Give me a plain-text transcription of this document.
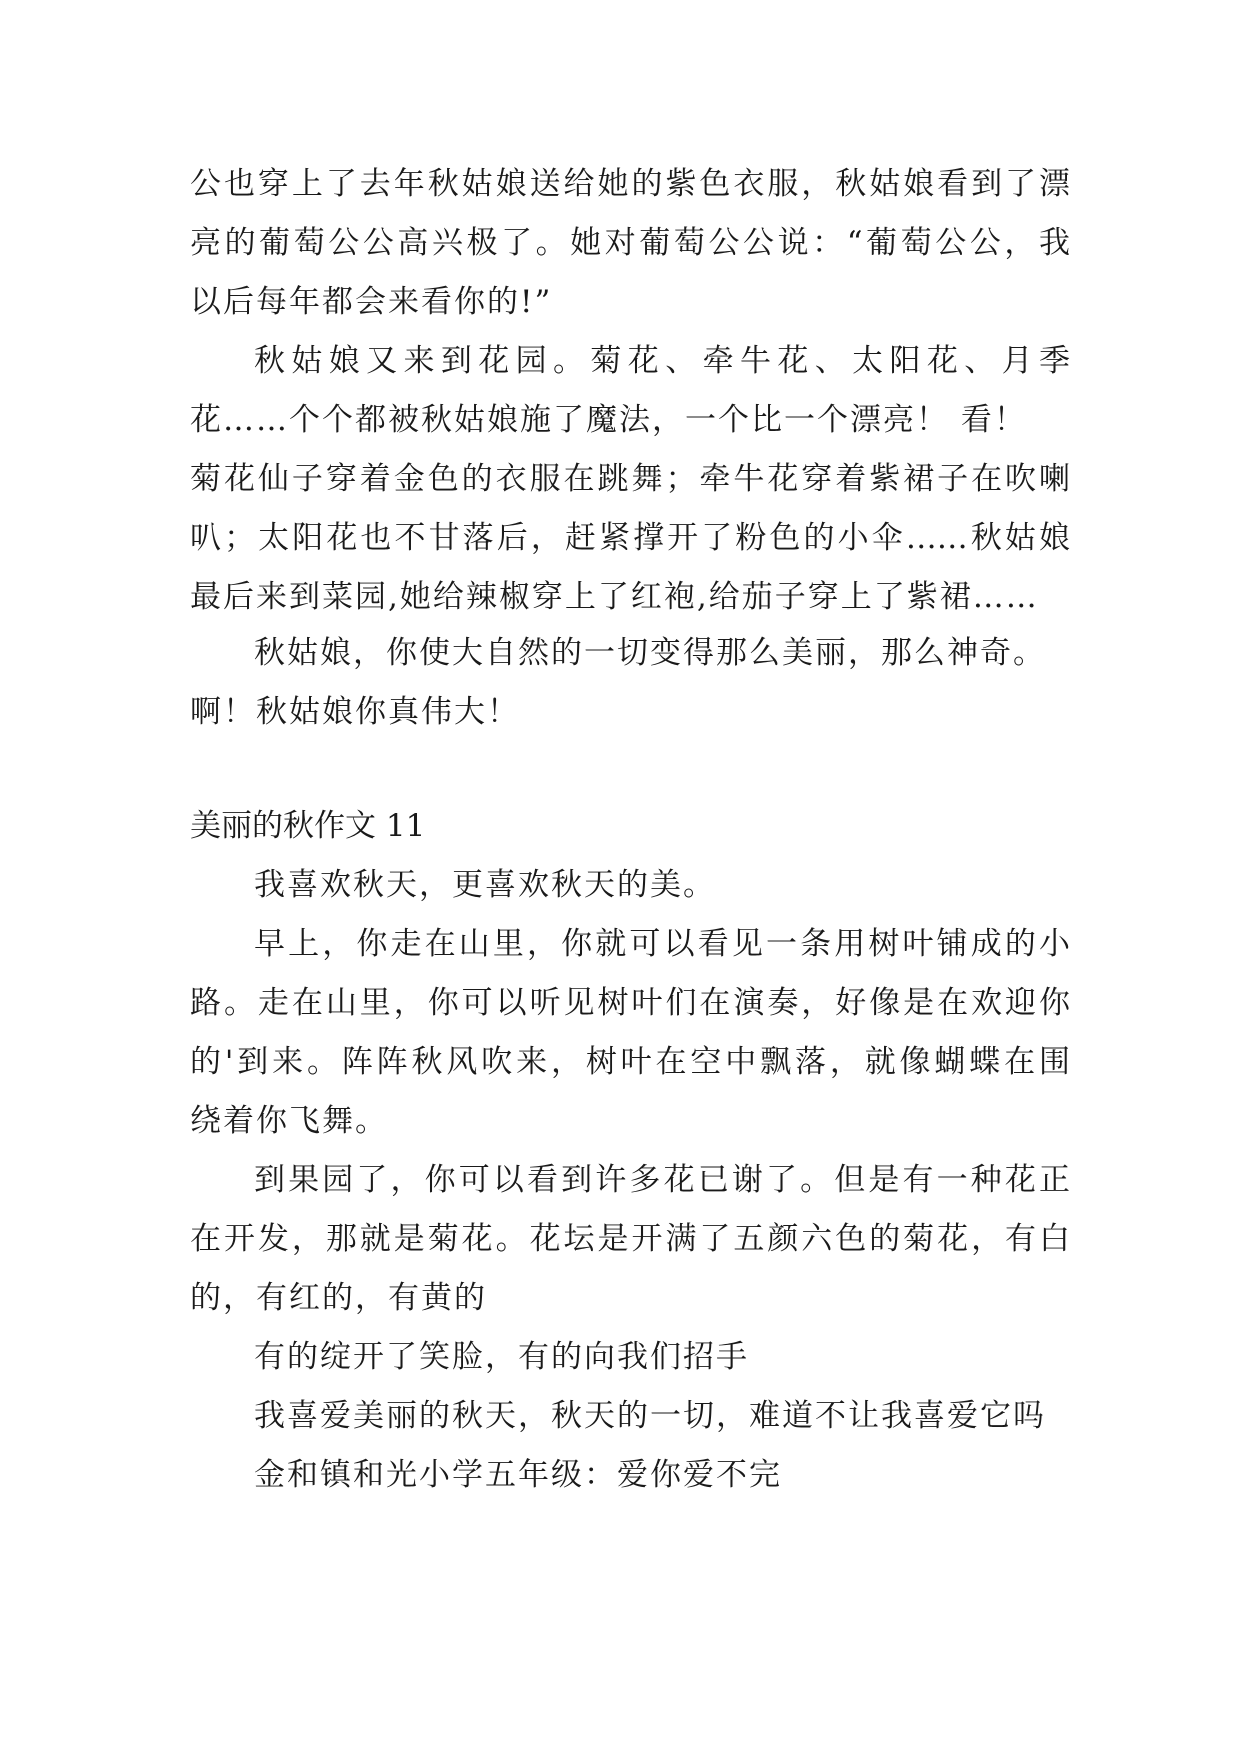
公也穿上了去年秋姑娘送给她的紫色衣服，秋姑娘看到了漂

亮的葡萄公公高兴极了。她对葡萄公公说：“葡萄公公，我

以后每年都会来看你的!”

秋姑娘又来到花园。菊花、牵牛花、太阳花、月季

花……个个都被秋姑娘施了魔法，一个比一个漂亮！ 看！

菊花仙子穿着金色的衣服在跳舞；牵牛花穿着紫裙子在吹喇

叭；太阳花也不甘落后，赶紧撑开了粉色的小伞……秋姑娘

最后来到菜园,她给辣椒穿上了红袍,给茄子穿上了紫裙……

秋姑娘，你使大自然的一切变得那么美丽，那么神奇。

啊！秋姑娘你真伟大！

美丽的秋作文 11

我喜欢秋天，更喜欢秋天的美。

早上，你走在山里，你就可以看见一条用树叶铺成的小

路。走在山里，你可以听见树叶们在演奏，好像是在欢迎你

的'到来。阵阵秋风吹来，树叶在空中飘落，就像蝴蝶在围

绕着你飞舞。

到果园了，你可以看到许多花已谢了。但是有一种花正

在开发，那就是菊花。花坛是开满了五颜六色的菊花，有白

的，有红的，有黄的

有的绽开了笑脸，有的向我们招手

我喜爱美丽的秋天，秋天的一切，难道不让我喜爱它吗

金和镇和光小学五年级：爱你爱不完
